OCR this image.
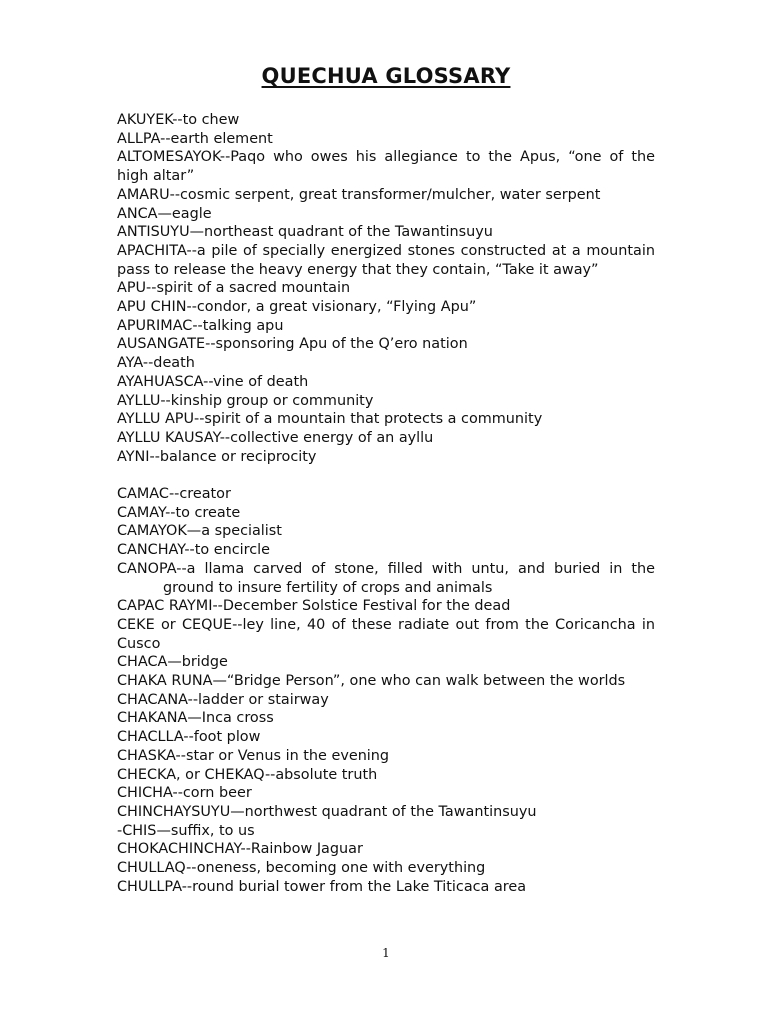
QUECHUA GLOSSARY

AKUYEK--to chew

ALLPA--earth element

ALTOMESAYOK--Paqo who owes his allegiance to the Apus, “one of the high altar”

AMARU--cosmic serpent, great transformer/mulcher, water serpent

ANCA—eagle

ANTISUYU—northeast quadrant of the Tawantinsuyu

APACHITA--a pile of specially energized stones constructed at a mountain pass to release the heavy energy that they contain, “Take it away”

APU--spirit of a sacred mountain

APU CHIN--condor, a great visionary, “Flying Apu”

APURIMAC--talking apu

AUSANGATE--sponsoring Apu of the Q’ero nation

AYA--death

AYAHUASCA--vine of death

AYLLU--kinship group or community

AYLLU APU--spirit of a mountain that protects a community

AYLLU KAUSAY--collective energy of an ayllu

AYNI--balance or reciprocity

CAMAC--creator

CAMAY--to create

CAMAYOK—a specialist

CANCHAY--to encircle

CANOPA--a llama carved of stone, filled with untu, and buried in the ground to insure fertility of crops and animals

CAPAC RAYMI--December Solstice Festival for the dead

CEKE or CEQUE--ley line, 40 of these radiate out from the Coricancha in Cusco

CHACA—bridge

CHAKA RUNA—“Bridge Person”, one who can walk between the worlds

CHACANA--ladder or stairway

CHAKANA—Inca cross

CHACLLA--foot plow

CHASKA--star or Venus in the evening

CHECKA, or CHEKAQ--absolute truth

CHICHA--corn beer

CHINCHAYSUYU—northwest quadrant of the Tawantinsuyu

-CHIS—suffix, to us

CHOKACHINCHAY--Rainbow Jaguar

CHULLAQ--oneness, becoming one with everything

CHULLPA--round burial tower from the Lake Titicaca area

1
